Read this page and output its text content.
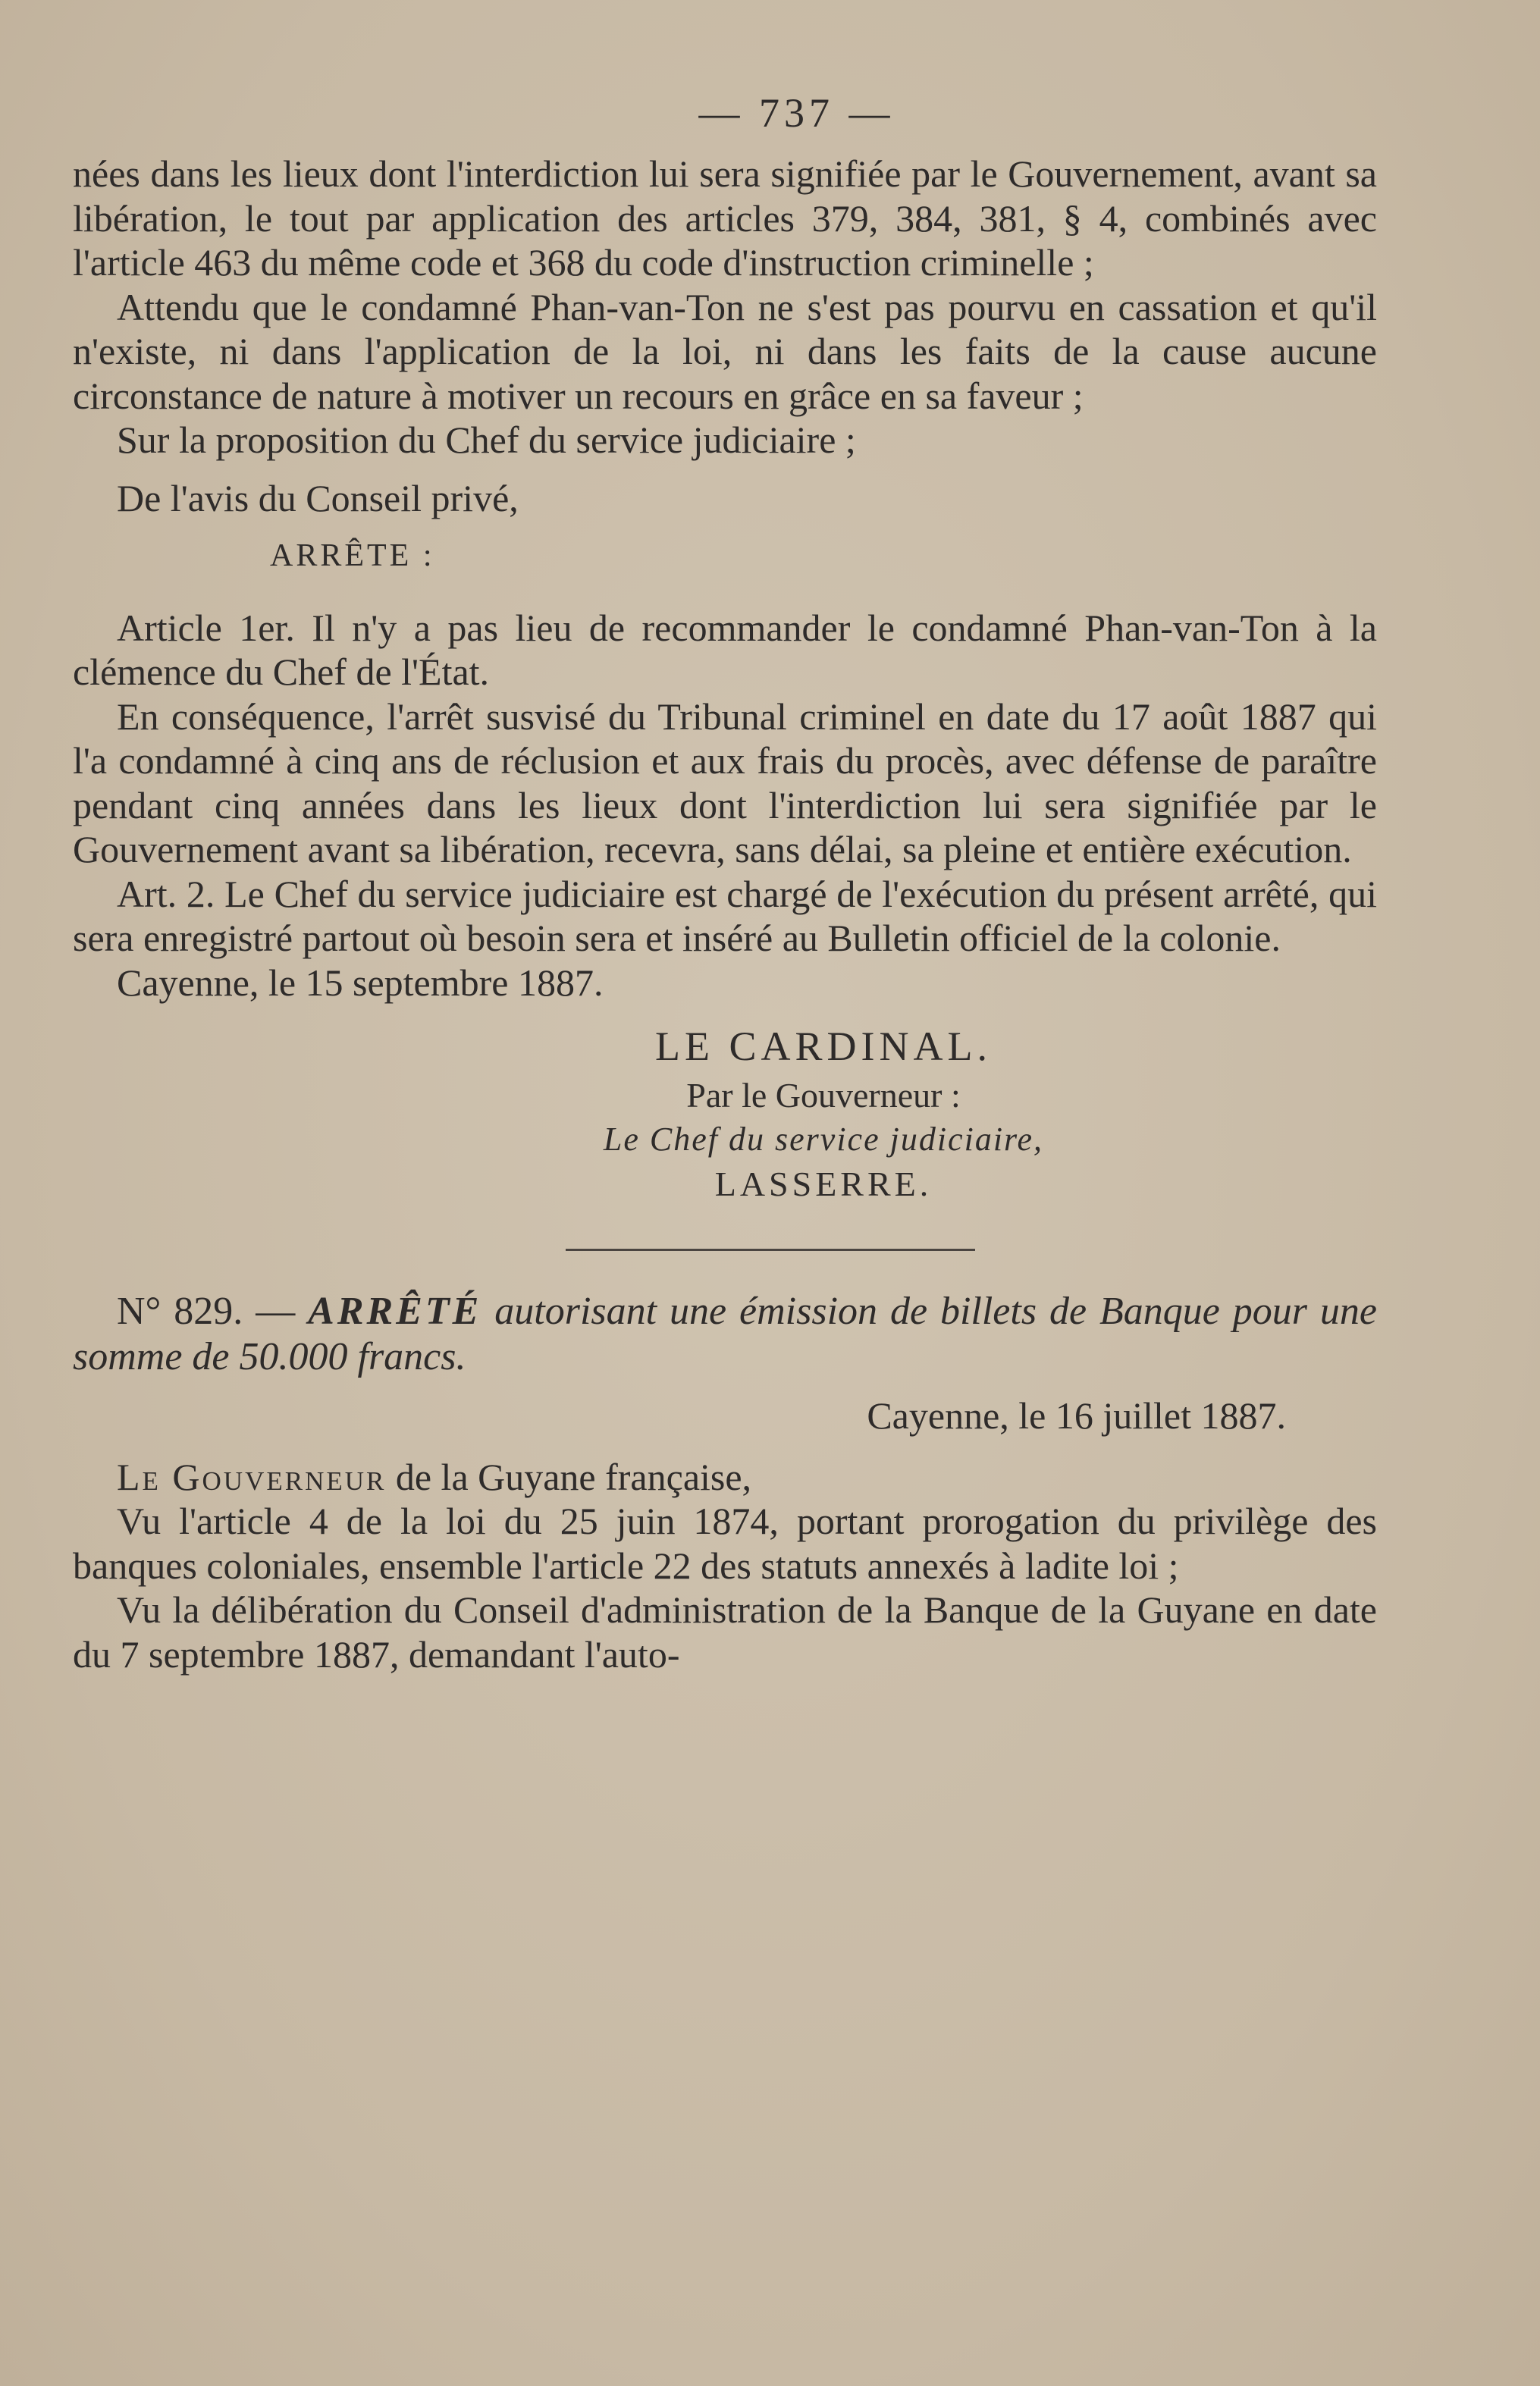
— 737 —

nées dans les lieux dont l'interdiction lui sera signifiée par le Gouvernement, avant sa libération, le tout par application des articles 379, 384, 381, § 4, combinés avec l'article 463 du même code et 368 du code d'instruction criminelle ;

Attendu que le condamné Phan-van-Ton ne s'est pas pourvu en cassation et qu'il n'existe, ni dans l'application de la loi, ni dans les faits de la cause aucune circonstance de nature à motiver un recours en grâce en sa faveur ;

Sur la proposition du Chef du service judiciaire ;

De l'avis du Conseil privé,

ARRÊTE :

Article 1er. Il n'y a pas lieu de recommander le condamné Phan-van-Ton à la clémence du Chef de l'État.

En conséquence, l'arrêt susvisé du Tribunal criminel en date du 17 août 1887 qui l'a condamné à cinq ans de réclusion et aux frais du procès, avec défense de paraître pendant cinq années dans les lieux dont l'interdiction lui sera signifiée par le Gouvernement avant sa libération, recevra, sans délai, sa pleine et entière exécution.

Art. 2. Le Chef du service judiciaire est chargé de l'exécution du présent arrêté, qui sera enregistré partout où besoin sera et inséré au Bulletin officiel de la colonie.

Cayenne, le 15 septembre 1887.

LE CARDINAL.

Par le Gouverneur :

Le Chef du service judiciaire,

LASSERRE.

N° 829. — ARRÊTÉ autorisant une émission de billets de Banque pour une somme de 50.000 francs.

Cayenne, le 16 juillet 1887.

Le Gouverneur de la Guyane française,

Vu l'article 4 de la loi du 25 juin 1874, portant prorogation du privilège des banques coloniales, ensemble l'article 22 des statuts annexés à ladite loi ;

Vu la délibération du Conseil d'administration de la Banque de la Guyane en date du 7 septembre 1887, demandant l'auto-
